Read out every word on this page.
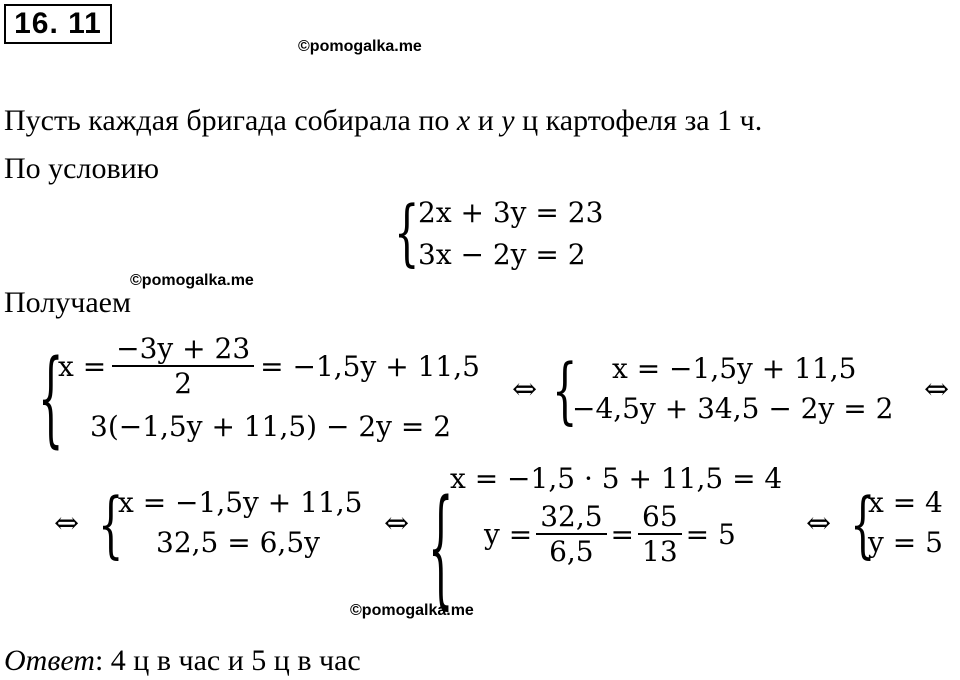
16. 11
©pomogalka.me
©pomogalka.me
©pomogalka.me
Пусть каждая бригада собирала по x и y ц картофеля за 1 ч.
По условию
{
2x + 3y = 23
3x − 2y = 2
Получаем
{
$x = \frac{-3y + 23}{2} = -1,5y + 11,5$
3(−1,5y + 11,5) − 2y = 2
⇔ { x = −1,5y + 11,5
−4,5y + 34,5 − 2y = 2
⇔
⇔ {
x = −1,5y + 11,5
32,5 = 6,5y
⇔ {
x = −1,5 · 5 + 11,5 = 4
$y = \frac{32,5}{6,5} = \frac{65}{13} = 5$ ⇔ {
x = 4
y = 5
Ответ: 4 ц в час и 5 ц в час
